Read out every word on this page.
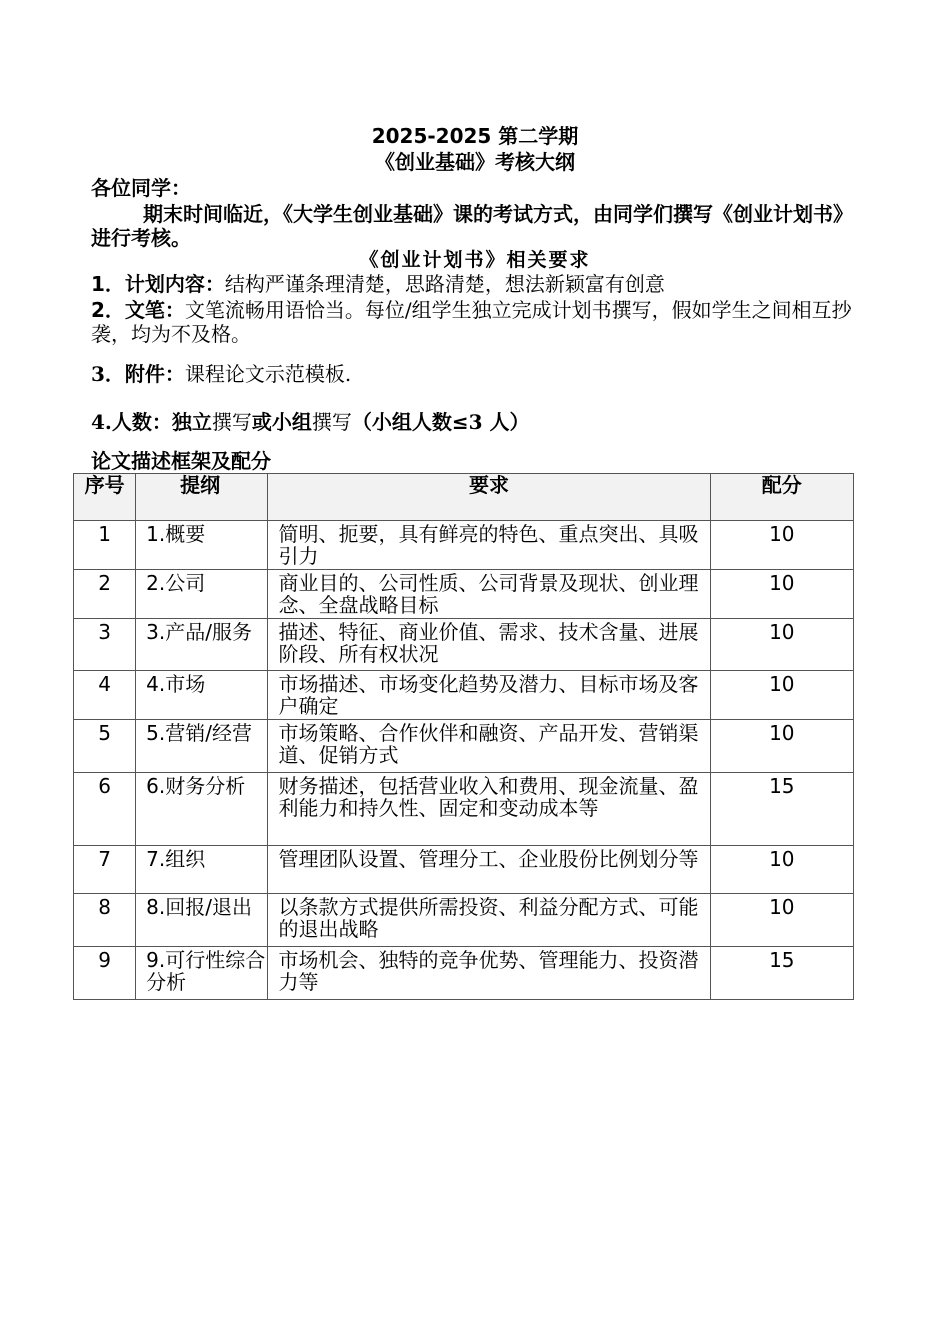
2025-2025 第二学期
《创业基础》考核大纲
各位同学：
期末时间临近，《大学生创业基础》课的考试方式，由同学们撰写《创业计划书》进行考核。
《创业计划书》相关要求
1．计划内容：结构严谨条理清楚，思路清楚，想法新颖富有创意
2．文笔：文笔流畅用语恰当。每位/组学生独立完成计划书撰写，假如学生之间相互抄袭，均为不及格。
3．附件：课程论文示范模板.
4.人数：独立撰写或小组撰写（小组人数≤3 人）
论文描述框架及配分
序号	提纲	要求	配分
1	1.概要	简明、扼要，具有鲜亮的特色、重点突出、具吸引力	10
2	2.公司	商业目的、公司性质、公司背景及现状、创业理念、全盘战略目标	10
3	3.产品/服务	描述、特征、商业价值、需求、技术含量、进展阶段、所有权状况	10
4	4.市场	市场描述、市场变化趋势及潜力、目标市场及客户确定	10
5	5.营销/经营	市场策略、合作伙伴和融资、产品开发、营销渠道、促销方式	10
6	6.财务分析	财务描述，包括营业收入和费用、现金流量、盈利能力和持久性、固定和变动成本等	15
7	7.组织	管理团队设置、管理分工、企业股份比例划分等	10
8	8.回报/退出	以条款方式提供所需投资、利益分配方式、可能的退出战略	10
9	9.可行性综合分析	市场机会、独特的竞争优势、管理能力、投资潜力等	15
